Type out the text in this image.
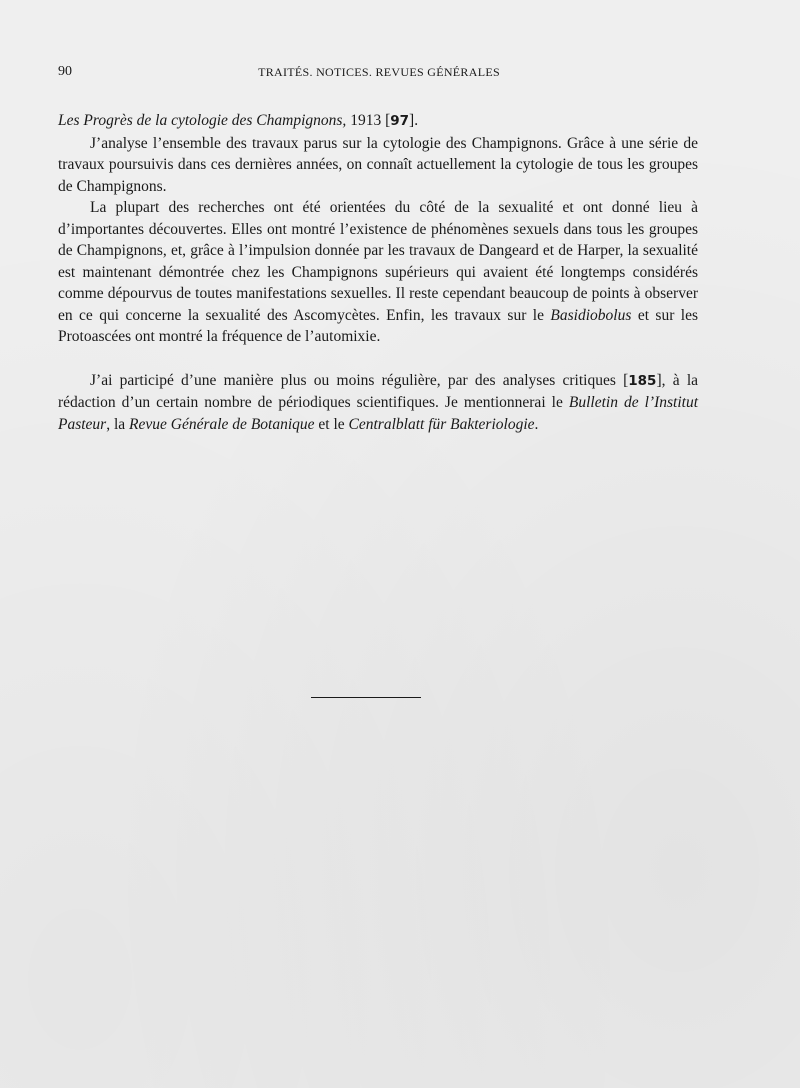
90	TRAITÉS. NOTICES. REVUES GÉNÉRALES

Les Progrès de la cytologie des Champignons, 1913 [97].

J’analyse l’ensemble des travaux parus sur la cytologie des Champignons. Grâce à une série de travaux poursuivis dans ces dernières années, on connaît actuellement la cytologie de tous les groupes de Champignons.

La plupart des recherches ont été orientées du côté de la sexualité et ont donné lieu à d’importantes découvertes. Elles ont montré l’existence de phénomènes sexuels dans tous les groupes de Champignons, et, grâce à l’impulsion donnée par les travaux de Dangeard et de Harper, la sexualité est maintenant démontrée chez les Champignons supérieurs qui avaient été longtemps considérés comme dépourvus de toutes manifestations sexuelles. Il reste cependant beaucoup de points à observer en ce qui concerne la sexualité des Ascomycètes. Enfin, les travaux sur le Basidiobolus et sur les Protoascées ont montré la fréquence de l’automixie.

J’ai participé d’une manière plus ou moins régulière, par des analyses critiques [185], à la rédaction d’un certain nombre de périodiques scientifiques. Je mentionnerai le Bulletin de l’Institut Pasteur, la Revue Générale de Botanique et le Centralblatt für Bakteriologie.
